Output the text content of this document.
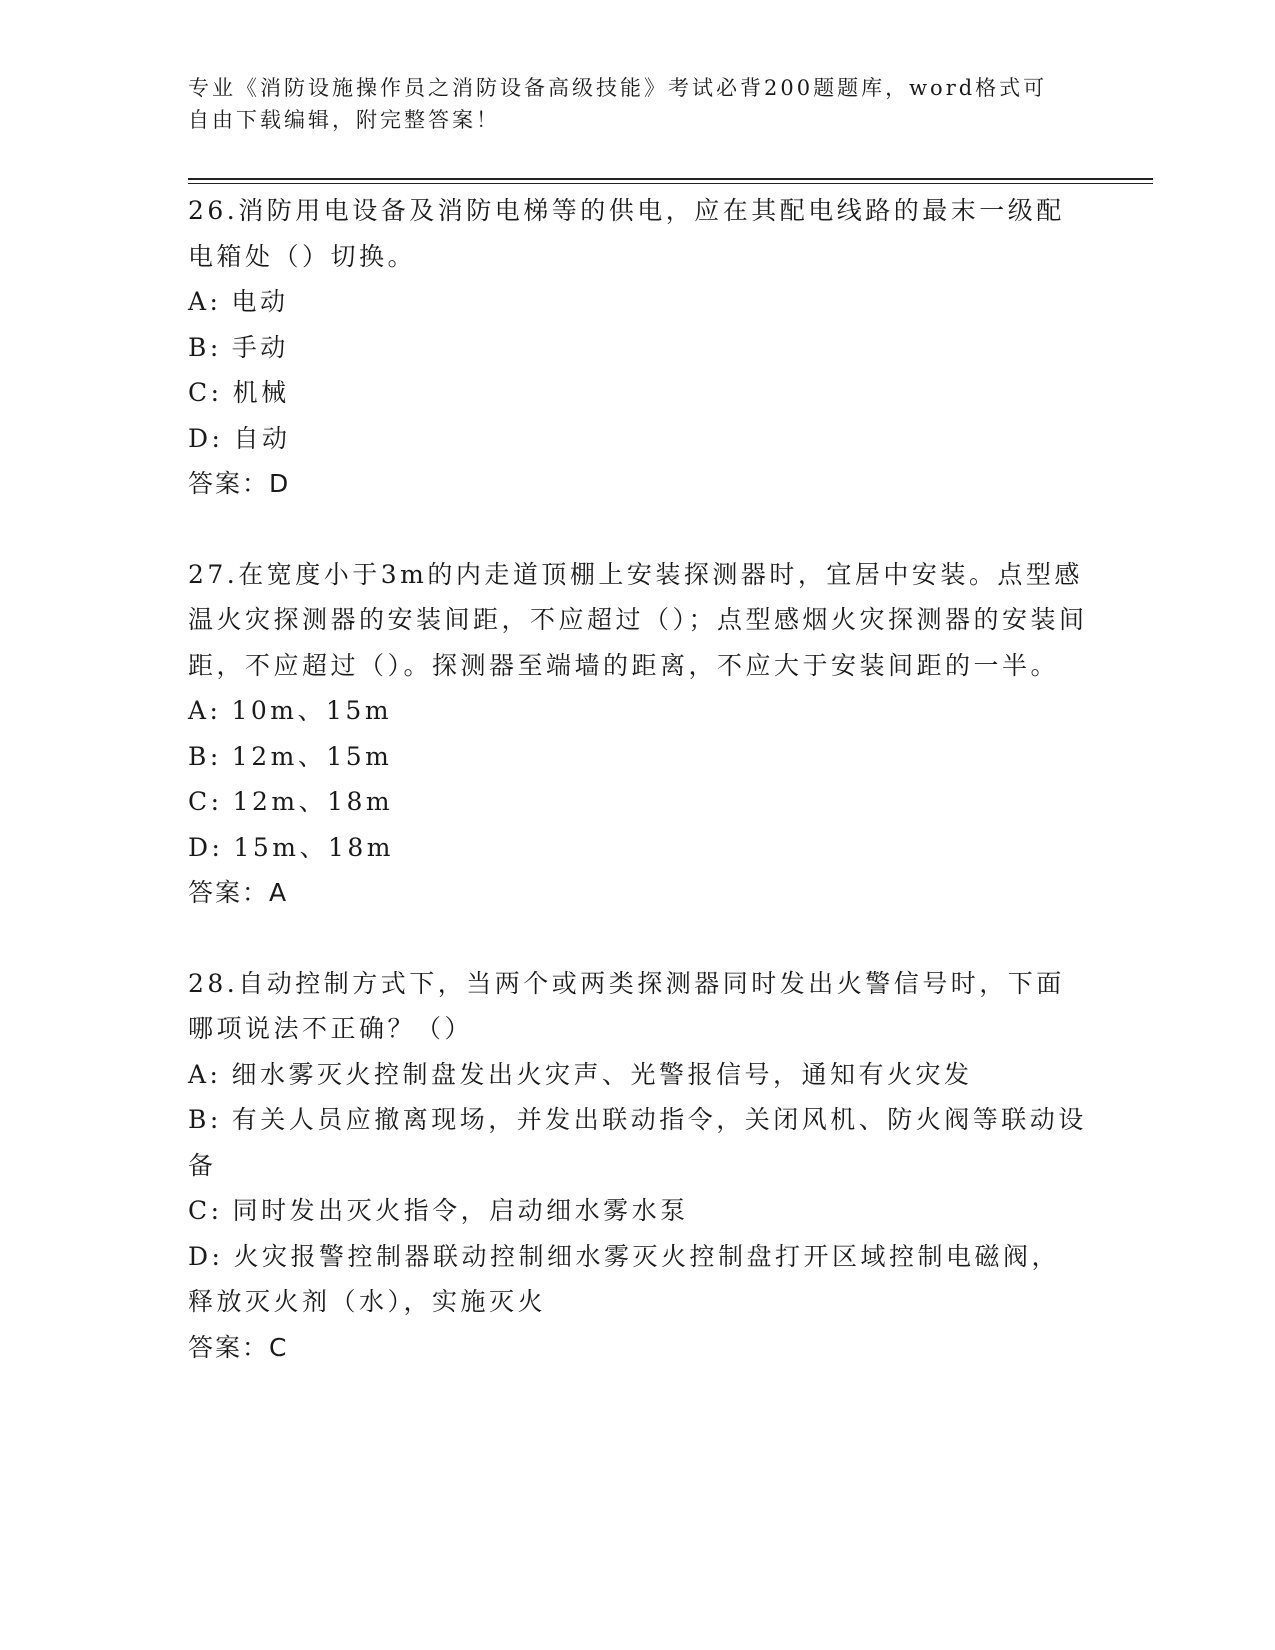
专业《消防设施操作员之消防设备高级技能》考试必背200题题库，word格式可自由下载编辑，附完整答案！
26.消防用电设备及消防电梯等的供电，应在其配电线路的最末一级配电箱处（）切换。
A: 电动
B: 手动
C: 机械
D: 自动
答案：D
27.在宽度小于3m的内走道顶棚上安装探测器时，宜居中安装。点型感温火灾探测器的安装间距，不应超过（）；点型感烟火灾探测器的安装间距，不应超过（）。探测器至端墙的距离，不应大于安装间距的一半。
A: 10m、15m
B: 12m、15m
C: 12m、18m
D: 15m、18m
答案：A
28.自动控制方式下，当两个或两类探测器同时发出火警信号时，下面哪项说法不正确？（）
A: 细水雾灭火控制盘发出火灾声、光警报信号，通知有火灾发
B: 有关人员应撤离现场，并发出联动指令，关闭风机、防火阀等联动设备
C: 同时发出灭火指令，启动细水雾水泵
D: 火灾报警控制器联动控制细水雾灭火控制盘打开区域控制电磁阀，释放灭火剂（水），实施灭火
答案：C
